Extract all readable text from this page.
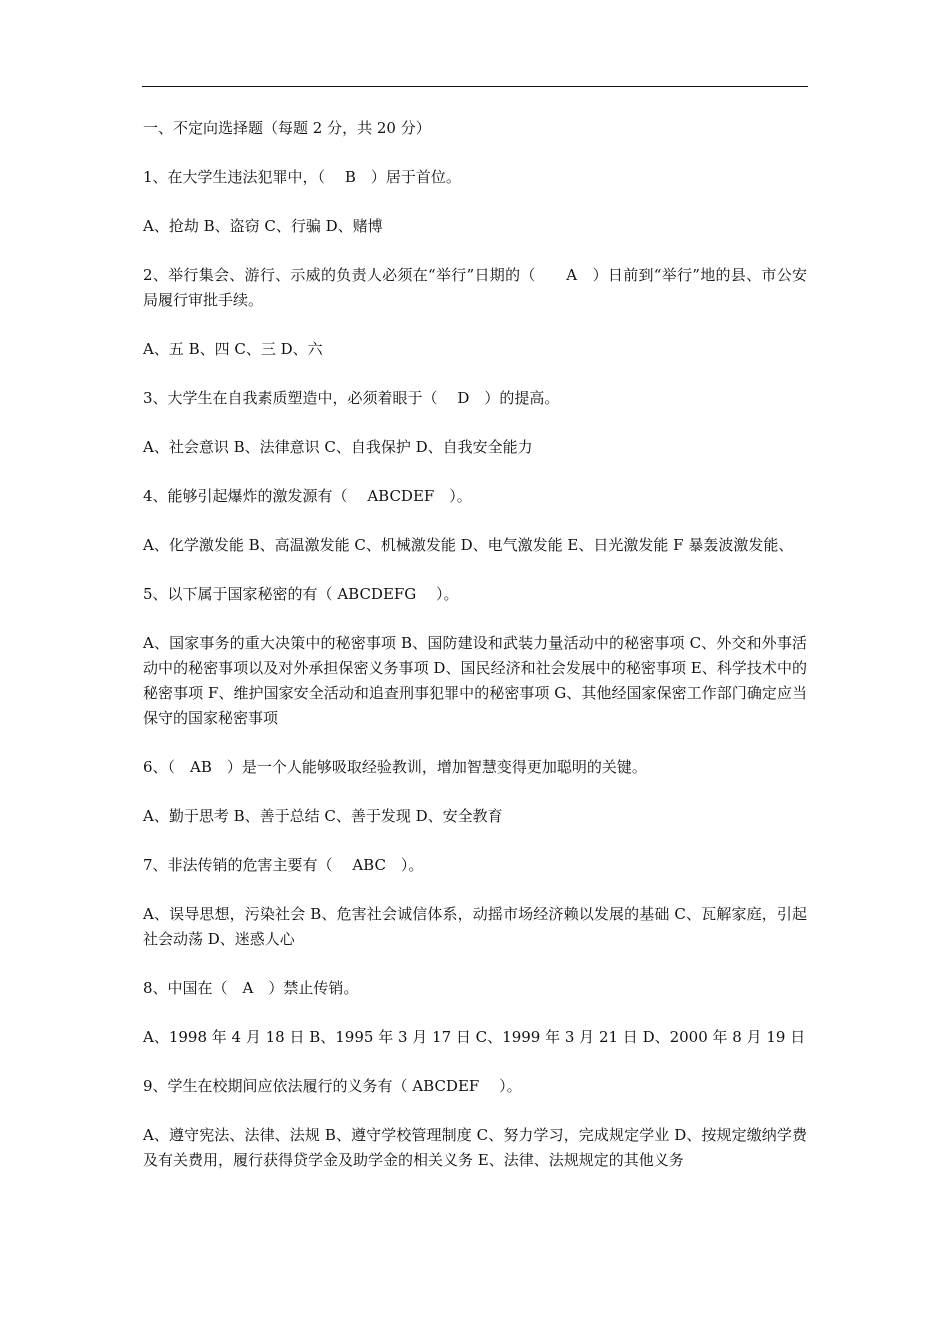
一、不定向选择题（每题 2 分，共 20 分）

1、在大学生违法犯罪中，（　 B　）居于首位。

A、抢劫 B、盗窃 C、行骗 D、赌博

2、举行集会、游行、示威的负责人必须在“举行”日期的（　　A　）日前到“举行”地的县、市公安局履行审批手续。

A、五 B、四 C、三 D、六

3、大学生在自我素质塑造中，必须着眼于（　 D　）的提高。

A、社会意识 B、法律意识 C、自我保护 D、自我安全能力

4、能够引起爆炸的激发源有（　 ABCDEF　）。

A、化学激发能 B、高温激发能 C、机械激发能 D、电气激发能 E、日光激发能 F 暴轰波激发能、

5、以下属于国家秘密的有（ ABCDEFG　 ）。

A、国家事务的重大决策中的秘密事项 B、国防建设和武装力量活动中的秘密事项 C、外交和外事活动中的秘密事项以及对外承担保密义务事项 D、国民经济和社会发展中的秘密事项 E、科学技术中的秘密事项 F、维护国家安全活动和追查刑事犯罪中的秘密事项 G、其他经国家保密工作部门确定应当保守的国家秘密事项

6、（　AB　）是一个人能够吸取经验教训，增加智慧变得更加聪明的关键。

A、勤于思考 B、善于总结 C、善于发现 D、安全教育

7、非法传销的危害主要有（　 ABC　）。

A、误导思想，污染社会 B、危害社会诚信体系，动摇市场经济赖以发展的基础 C、瓦解家庭，引起社会动荡 D、迷惑人心

8、中国在（　A　）禁止传销。

A、1998 年 4 月 18 日 B、1995 年 3 月 17 日 C、1999 年 3 月 21 日 D、2000 年 8 月 19 日

9、学生在校期间应依法履行的义务有（ ABCDEF　 ）。

A、遵守宪法、法律、法规 B、遵守学校管理制度 C、努力学习，完成规定学业 D、按规定缴纳学费及有关费用，履行获得贷学金及助学金的相关义务 E、法律、法规规定的其他义务
